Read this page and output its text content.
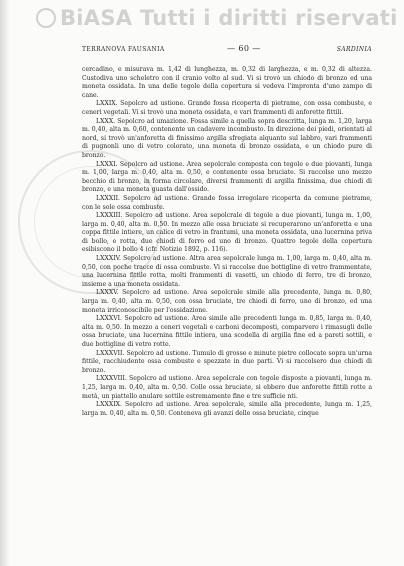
BiASA Tutti i diritti riservati
TERRANOVA FAUSANIA	— 60 —	SARDINIA

cercadino, e misurava m. 1,42 di lunghezza, m. 0,32 di larghezza, e m. 0,32 di altezza. Custodiva uno scheletro con il cranio volto al sud. Vi si trovò un chiodo di bronzo ed una moneta ossidata. In una delle tegole della copertura si vedeva l'impronta d'uno zampo di cane.

LXXIX. Sepolcro ad ustione. Grande fossa ricoperta di pietrame, con ossa combuste, e ceneri vegetali. Vi si trovò una moneta ossidata, e vari frammenti di anforette fittili.

LXXX. Sepolcro ad umazione. Fossa simile a quella sopra descritta, lunga m. 1,20, larga m. 0,40, alta m. 0,60, contenente un cadavere incombusto. In direzione dei piedi, orientati al nord, si trovò un'anforetta di finissimo argilla sfregiata alquanto sul labbro, vari frammenti di pugnonli uno di vetro colorato, una moneta di bronzo ossidata, e un chiodo pure di bronzo.

LXXXI. Sepolcro ad ustione. Area sepolcrale composta con tegole e due piovanti, lunga m. 1,00, larga m. 0,40, alta m. 0,50, e contenente ossa bruciate. Si raccolse uno mezzo becchio di bronzo, in forma circolare, diversi frammenti di argilla finissima, due chiodi di bronzo, e una moneta guasta dall'ossido.

LXXXII. Sepolcro ad ustione. Grande fossa irregolare ricoperta da comune pietrame, con le sole ossa combuste.

LXXXIII. Sepolcro ad ustione. Area sepolcrale di tegole a due piovanti, lunga m. 1,00, larga m. 0,40, alta m. 0,50. In mezzo alle ossa bruciate si recuperarono un'anforetta e una coppa fittile intiere, un calice di vetro in frantumi, una moneta ossidata, una lucernina priva di bollo, e rotta, due chiodi di ferro ed uno di bronzo. Quattro tegole della copertura esibiscono il bollo 4 (cfr. Notizie 1892, p. 116).

LXXXIV. Sepolcro ad ustione. Altra area sepolcrale lunga m. 1,00, larga m. 0,40, alta m. 0,50, con poche tracce di ossa combuste. Vi si raccolse due bottigline di vetro frammentate, una lucernina fittile rotta, molti frammenti di vasetti, un chiodo di ferro, tre di bronzo, insieme a una moneta ossidata.

LXXXV. Sepolcro ad ustione. Area sepolcrale simile alla precedente, lunga m. 0,80, larga m. 0,40, alta m. 0,50, con ossa bruciate, tre chiodi di ferro, uno di bronzo, ed una moneta irriconoscibile per l'ossidazione.

LXXXVI. Sepolcro ad ustione. Area simile alle precedenti lunga m. 0,85, larga m. 0,40, alta m. 0,50. In mezzo a ceneri vegetali e carboni decomposti, comparvero i rimasugli delle ossa bruciate, una lucernina fittile intiera, una scodella di argilla fine ed a pareti sottili, e due bottigline di vetro rotte.

LXXXVII. Sepolcro ad ustione. Tumulo di grosse e minute pietre collocate sopra un'urna fittile, racchiudente ossa combuste e spezzate in due parti. Vi si raccolsero due chiodi di bronzo.

LXXXVIII. Sepolcro ad ustione. Area sepolcrale con tegole disposte a piovanti, lunga m. 1,25, larga m. 0,40, alta m. 0,50. Colle ossa bruciate, si ebbero due anforette fittili rotte a metà, un piattello anulare sottile estremamente fine e tre sufficie nti.

LXXXIX. Sepolcro ad ustione. Area sepolcrale, simile alla precedente, lunga m. 1,25, larga m. 0,40, alta m. 0,50. Conteneva gli avanzi delle ossa bruciate, cinque
